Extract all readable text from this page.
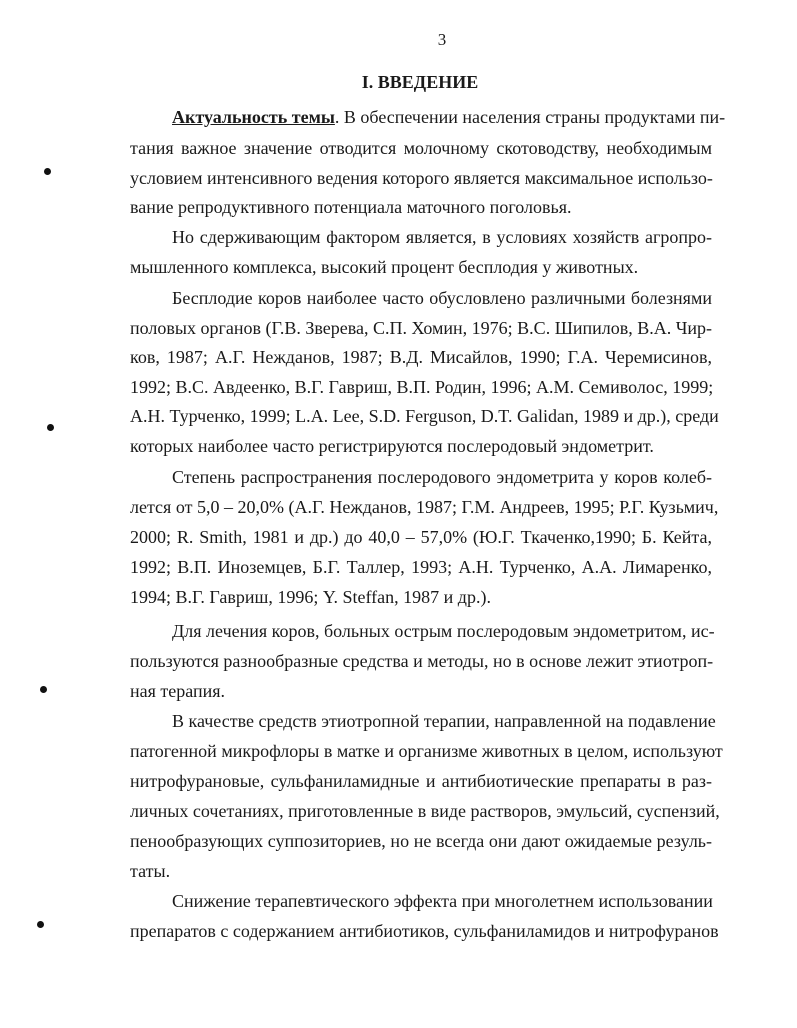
3
I. ВВЕДЕНИЕ
Актуальность темы. В обеспечении населения страны продуктами пи-
тания важное значение отводится молочному скотоводству, необходимым
условием интенсивного ведения которого является максимальное использо-
вание репродуктивного потенциала маточного поголовья.
Но сдерживающим фактором является, в условиях хозяйств агропро-
мышленного комплекса, высокий процент бесплодия у животных.
Бесплодие коров наиболее часто обусловлено различными болезнями
половых органов (Г.В. Зверева, С.П. Хомин, 1976; В.С. Шипилов, В.А. Чир-
ков, 1987; А.Г. Нежданов, 1987; В.Д. Мисайлов, 1990; Г.А. Черемисинов,
1992; В.С. Авдеенко, В.Г. Гавриш, В.П. Родин, 1996; А.М. Семиволос, 1999;
А.Н. Турченко, 1999; L.A. Lee, S.D. Ferguson, D.T. Galidan, 1989 и др.), среди
которых наиболее часто регистрируются послеродовый эндометрит.
Степень распространения послеродового эндометрита у коров колеб-
лется от 5,0 – 20,0% (А.Г. Нежданов, 1987; Г.М. Андреев, 1995; Р.Г. Кузьмич,
2000; R. Smith, 1981 и др.) до 40,0 – 57,0% (Ю.Г. Ткаченко,1990; Б. Кейта,
1992; В.П. Иноземцев, Б.Г. Таллер, 1993; А.Н. Турченко, А.А. Лимаренко,
1994; В.Г. Гавриш, 1996; Y. Steffan, 1987 и др.).
Для лечения коров, больных острым послеродовым эндометритом, ис-
пользуются разнообразные средства и методы, но в основе лежит этиотроп-
ная терапия.
В качестве средств этиотропной терапии, направленной на подавление
патогенной микрофлоры в матке и организме животных в целом, используют
нитрофурановые, сульфаниламидные и антибиотические препараты в раз-
личных сочетаниях, приготовленные в виде растворов, эмульсий, суспензий,
пенообразующих суппозиториев, но не всегда они дают ожидаемые резуль-
таты.
Снижение терапевтического эффекта при многолетнем использовании
препаратов с содержанием антибиотиков, сульфаниламидов и нитрофуранов
